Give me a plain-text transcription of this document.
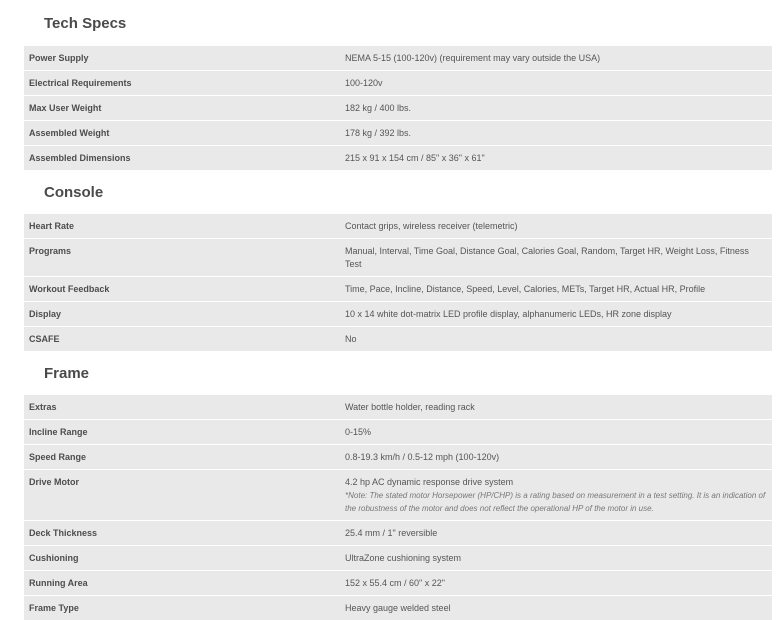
Tech Specs
Power Supply	NEMA 5-15 (100-120v) (requirement may vary outside the USA)
Electrical Requirements	100-120v
Max User Weight	182 kg / 400 lbs.
Assembled Weight	178 kg / 392 lbs.
Assembled Dimensions	215 x 91 x 154 cm / 85" x 36" x 61"
Console
Heart Rate	Contact grips, wireless receiver (telemetric)
Programs	Manual, Interval, Time Goal, Distance Goal, Calories Goal, Random, Target HR, Weight Loss, Fitness Test
Workout Feedback	Time, Pace, Incline, Distance, Speed, Level, Calories, METs, Target HR, Actual HR, Profile
Display	10 x 14 white dot-matrix LED profile display, alphanumeric LEDs, HR zone display
CSAFE	No
Frame
Extras	Water bottle holder, reading rack
Incline Range	0-15%
Speed Range	0.8-19.3 km/h / 0.5-12 mph (100-120v)
Drive Motor	4.2 hp AC dynamic response drive system
*Note: The stated motor Horsepower (HP/CHP) is a rating based on measurement in a test setting. It is an indication of the robustness of the motor and does not reflect the operational HP of the motor in use.

Deck Thickness	25.4 mm / 1" reversible
Cushioning	UltraZone cushioning system
Running Area	152 x 55.4 cm / 60" x 22"
Frame Type	Heavy gauge welded steel
